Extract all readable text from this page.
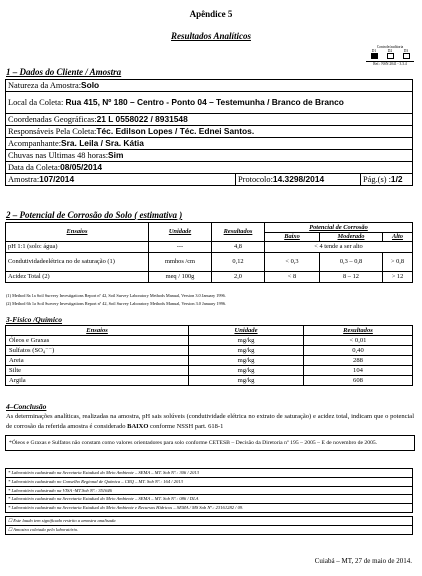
Apêndice 5
Resultados Analíticos
Controle/auditoria
D1	D2	D3
Ref.: NSN 2041 - 3.3.4
1 – Dados do Cliente / Amostra
Natureza da Amostra:Solo
Local da Coleta: Rua 415, Nº 180 – Centro - Ponto 04 – Testemunha / Branco de Branco
Coordenadas Geográficas:21 L 0558022 / 8931548
Responsáveis Pela Coleta:Téc. Edilson Lopes / Téc. Ednei Santos.
Acompanhante:Sra. Leila / Sra. Kátia
Chuvas nas Ultimas 48 horas:Sim
Data da Coleta:08/05/2014
Amostra:107/2014	Protocolo:14.3298/2014	Pág.(s) :1/2
2 – Potencial de Corrosão do Solo ( estimativa )
Ensaios	Unidade	Resultados	Potencial de Corrosão		
			Baixo	Moderado	Alto
pH 1:1 (solo: água)	---	4,8	< 4 tende a ser alto		
Condutividadeelétrica no de saturação (1)	mmhos /cm	0,12	< 0,3	0,3 – 0,8	> 0,8
Acidez Total (2)	meq / 100g	2,0	< 8	8 – 12	> 12
(1) Method 8a 1a Soil Survery Investigations Report nº 42, Soil Survey Laboratory Methods Manual, Version 3.0 January 1996.
(2) Method 6h 1a Soil Survery Investigations Report nº 42, Soil Survey Laboratory Methods Manual, Version 3.0 January 1996.
3-Físico /Químico
Ensaios	Unidade	Resultados
Óleos e Graxas	mg/kg	< 0,01
Sulfatos (SO₄⁻⁻)	mg/kg	0,40
Areia	mg/kg	288
Silte	mg/kg	104
Argila	mg/kg	608
4–Conclusão
As determinações analíticas, realizadas na amostra, pH sais solúveis (condutividade elétrica no extrato de saturação) e acidez total, indicam que o potencial de corrosão da referida amostra é considerado BAIXO conforme NSSH part. 618-1
*Óleos e Graxas e Sulfatos não constam como valores orientadores para solo conforme CETESB – Decisão da Diretoria nº 195 – 2005 – E de novembro de 2005.
* Laboratório cadastrado na Secretaria Estadual do Meio Ambiente – SEMA – MT. Sob Nº.: 306 / 2013
* Laboratório cadastrado no Conselho Regional de Química – CRQ – MT. Sob Nº.: 164 / 2013
* Laboratório cadastrado na VISA -MT.Sob Nº.: 351646
* Laboratório cadastrado na Secretaria Estadual do Meio Ambiente – SEMA – MT. Sob Nº.: 086 / DLA
* Laboratório cadastrado na Secretaria Estadual do Meio Ambiente e Recursos Hídricos – SEMA / MS Sob Nº.: 23161282 / 09.

☐ Este laudo tem significado restrito a amostra analisada
☐ Amostra coletada pelo laboratório.
Cuiabá – MT, 27 de maio de 2014.
